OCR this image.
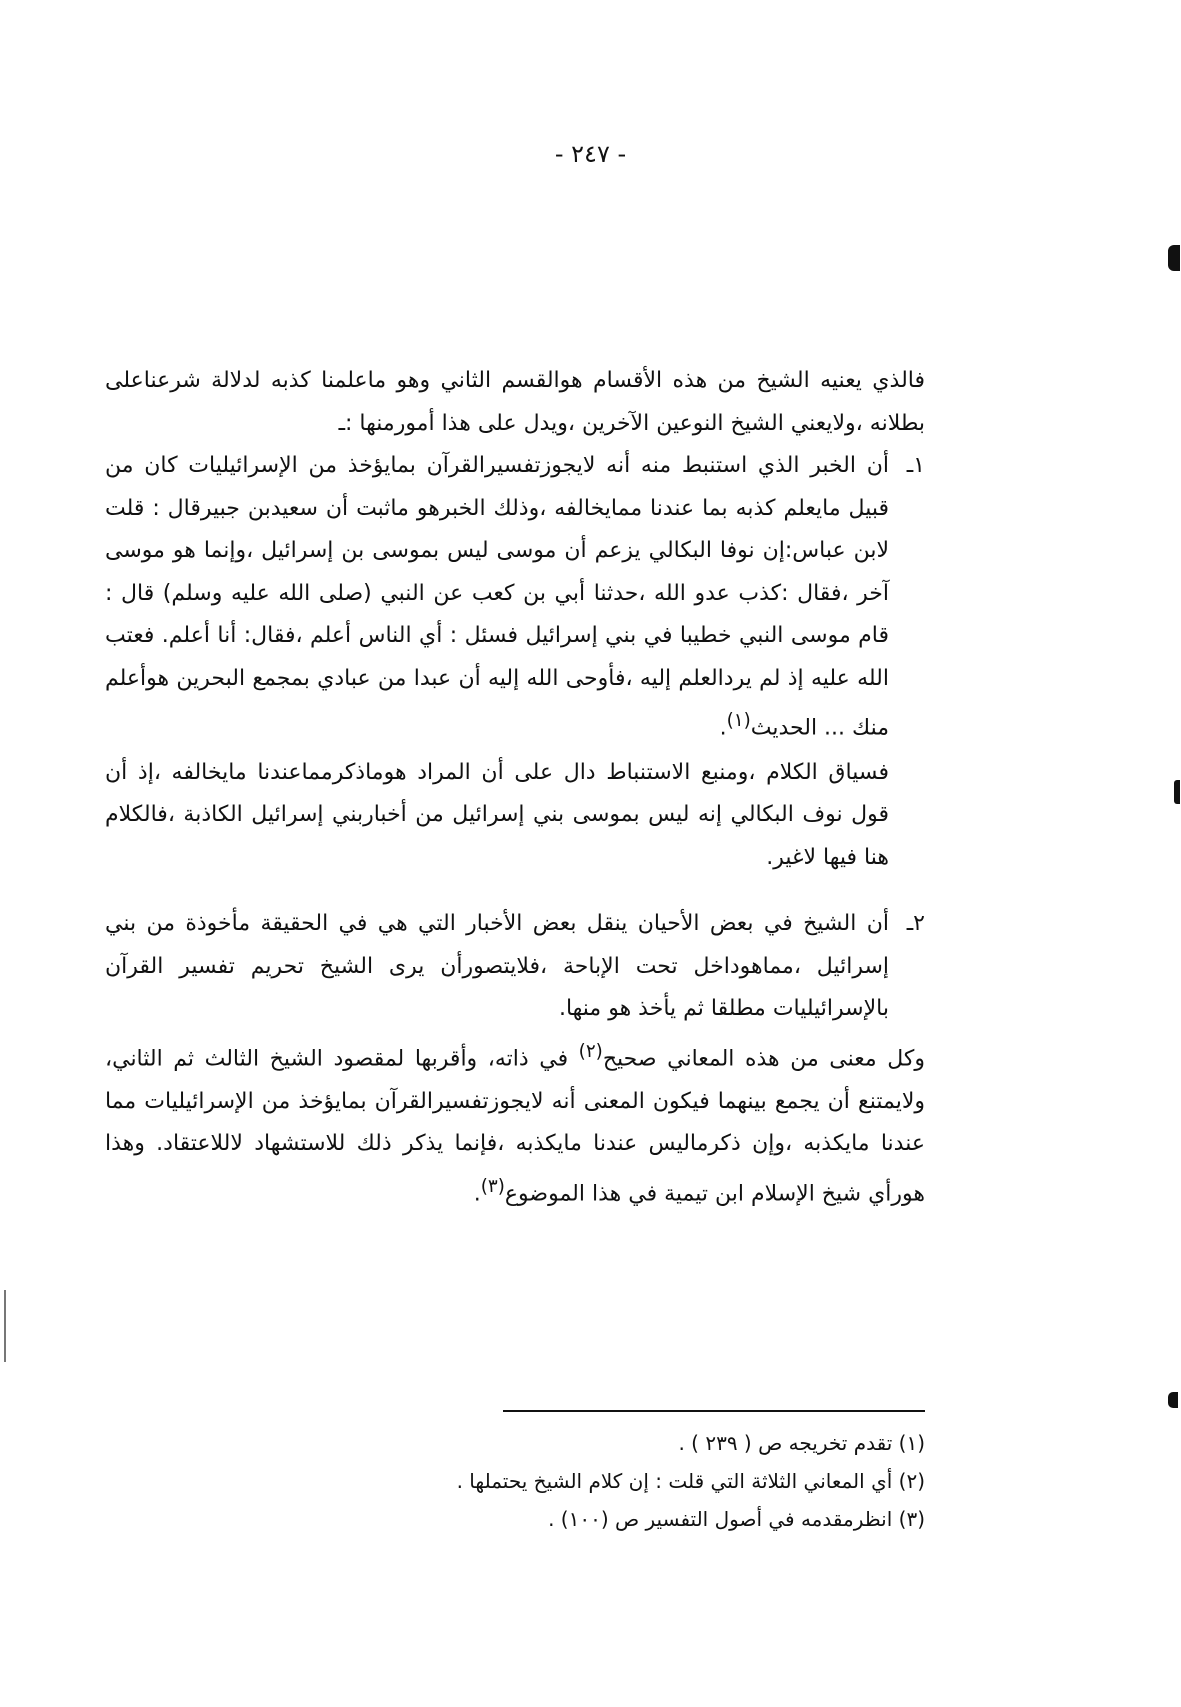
- ٢٤٧ -

فالذي يعنيه الشيخ من هذه الأقسام هوالقسم الثاني وهو ماعلمنا كذبه لدلالة شرعناعلى بطلانه ،ولايعني الشيخ النوعين الآخرين ،ويدل على هذا أمورمنها :ـ

١ـ

أن الخبر الذي استنبط منه أنه لايجوزتفسيرالقرآن بمايؤخذ من الإسرائيليات كان من قبيل مايعلم كذبه بما عندنا ممايخالفه ،وذلك الخبرهو ماثبت أن سعيدبن جبيرقال : قلت لابن عباس:إن نوفا البكالي يزعم أن موسى ليس بموسى بن إسرائيل ،وإنما هو موسى آخر ،فقال :كذب عدو الله ،حدثنا أبي بن كعب عن النبي (صلى الله عليه وسلم) قال : قام موسى النبي خطيبا في بني إسرائيل فسئل : أي الناس أعلم ،فقال: أنا أعلم. فعتب الله عليه إذ لم يردالعلم إليه ،فأوحى الله إليه أن عبدا من عبادي بمجمع البحرين هوأعلم منك ... الحديث$^{(١)}$.

فسياق الكلام ،ومنبع الاستنباط دال على أن المراد هوماذكرمماعندنا مايخالفه ،إذ أن قول نوف البكالي إنه ليس بموسى بني إسرائيل من أخباربني إسرائيل الكاذبة ،فالكلام هنا فيها لاغير.

٢ـ

أن الشيخ في بعض الأحيان ينقل بعض الأخبار التي هي في الحقيقة مأخوذة من بني إسرائيل ،مماهوداخل تحت الإباحة ،فلايتصورأن يرى الشيخ تحريم تفسير القرآن بالإسرائيليات مطلقا ثم يأخذ هو منها.

وكل معنى من هذه المعاني صحيح$^{(٢)}$ في ذاته، وأقربها لمقصود الشيخ الثالث ثم الثاني، ولايمتنع أن يجمع بينهما فيكون المعنى أنه لايجوزتفسيرالقرآن بمايؤخذ من الإسرائيليات مما عندنا مايكذبه ،وإن ذكرماليس عندنا مايكذبه ،فإنما يذكر ذلك للاستشهاد لاللاعتقاد. وهذا هورأي شيخ الإسلام ابن تيمية في هذا الموضوع$^{(٣)}$.

(١) تقدم تخريجه ص ( ٢٣٩ ) .
(٢) أي المعاني الثلاثة التي قلت : إن كلام الشيخ يحتملها .
(٣) انظرمقدمه في أصول التفسير ص (١٠٠) .
